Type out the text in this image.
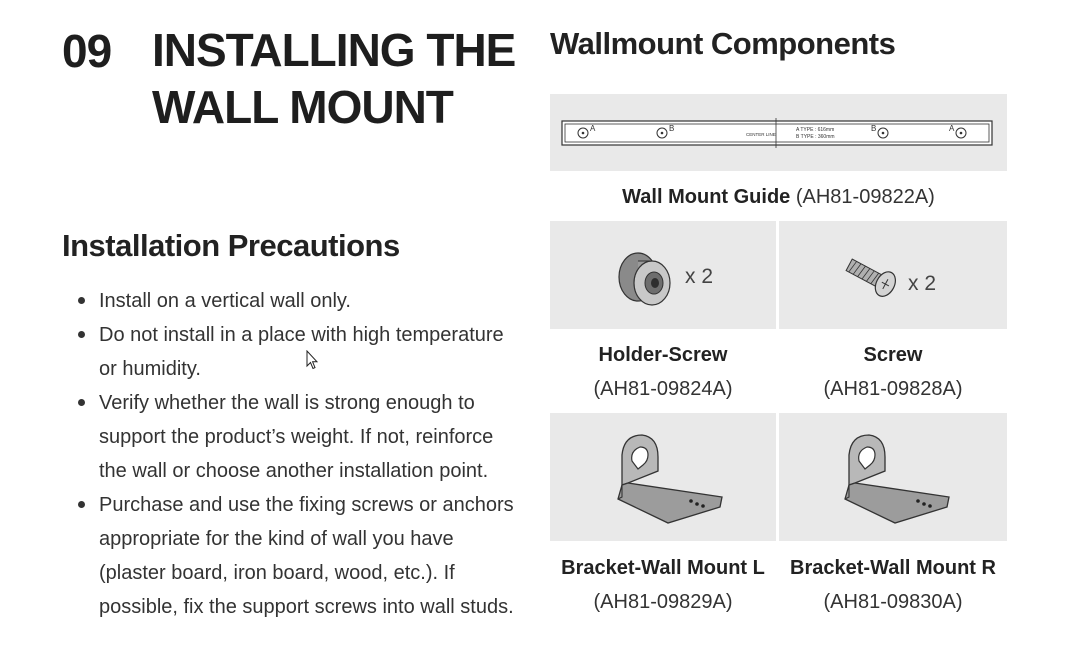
09 INSTALLING THE
WALL MOUNT
Installation Precautions
Install on a vertical wall only.
Do not install in a place with high temperature or humidity.
Verify whether the wall is strong enough to support the product’s weight. If not, reinforce the wall or choose another installation point.
Purchase and use the fixing screws or anchors appropriate for the kind of wall you have (plaster board, iron board, wood, etc.). If possible, fix the support screws into wall studs.
Wallmount Components
A	B
CENTER LINE
A TYPE : 616mm
B TYPE : 360mm
B	A
Wall Mount Guide (AH81-09822A)
x 2
Holder-Screw
(AH81-09824A)
x 2
Screw
(AH81-09828A)
Bracket-Wall Mount L
(AH81-09829A)
Bracket-Wall Mount R
(AH81-09830A)
